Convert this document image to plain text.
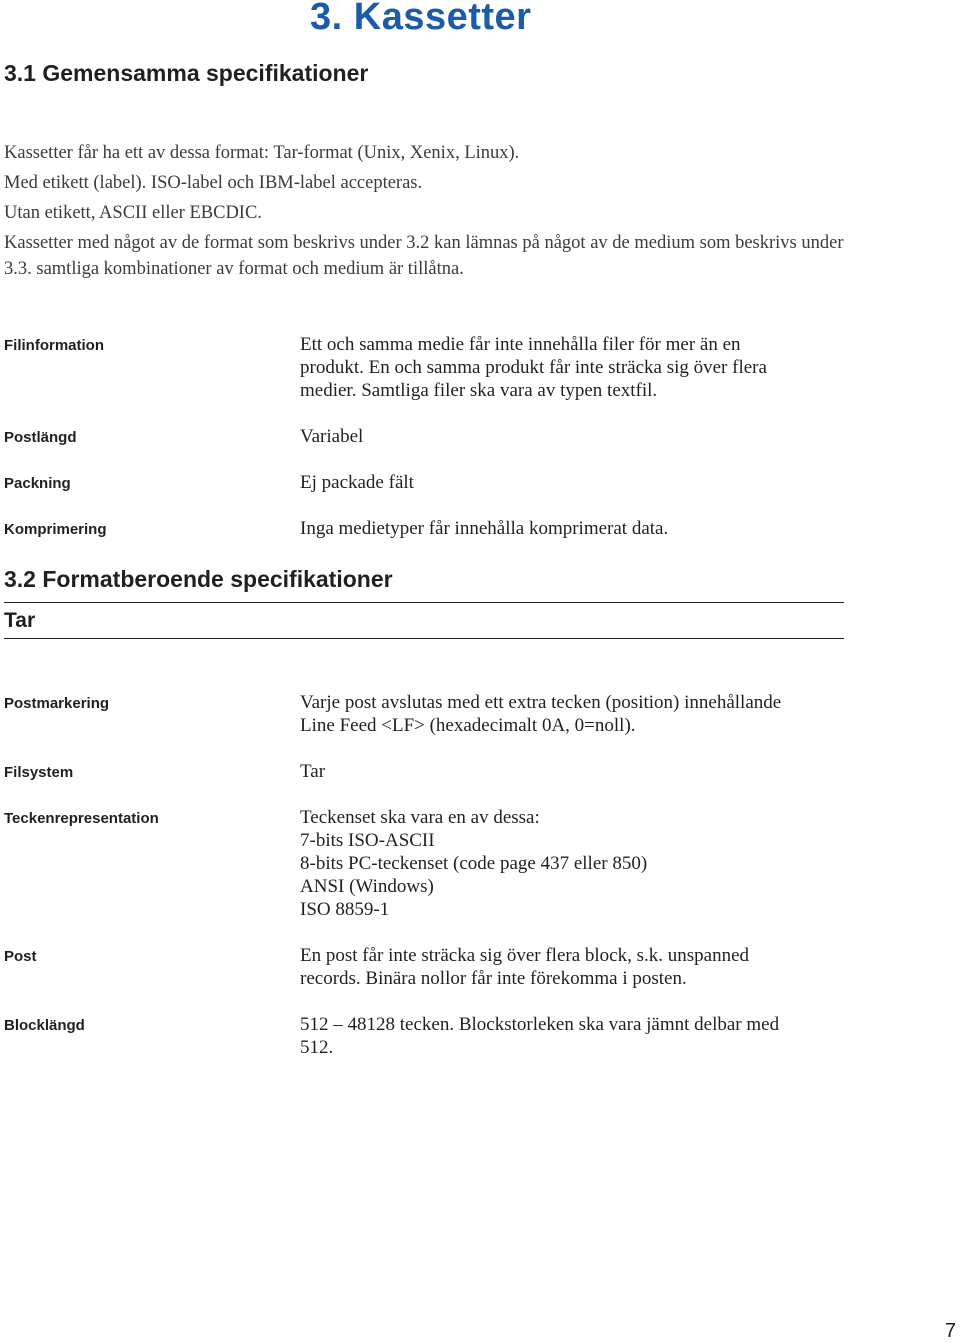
3. Kassetter
3.1 Gemensamma specifikationer

Kassetter får ha ett av dessa format: Tar-format (Unix, Xenix, Linux).

Med etikett (label). ISO-label och IBM-label accepteras.

Utan etikett, ASCII eller EBCDIC.

Kassetter med något av de format som beskrivs under 3.2 kan lämnas på något av de medium som beskrivs under 3.3. samtliga kombinationer av format och medium är tillåtna.

Filinformation	Ett och samma medie får inte innehålla filer för mer än en
produkt. En och samma produkt får inte sträcka sig över flera
medier. Samtliga filer ska vara av typen textfil.
Postlängd	Variabel
Packning	Ej packade fält
Komprimering	Inga medietyper får innehålla komprimerat data.
3.2 Formatberoende specifikationer
Tar
Postmarkering	Varje post avslutas med ett extra tecken (position) innehållande
Line Feed <LF> (hexadecimalt 0A, 0=noll).
Filsystem	Tar
Teckenrepresentation	Teckenset ska vara en av dessa:
7-bits ISO-ASCII
8-bits PC-teckenset (code page 437 eller 850)
ANSI (Windows)
ISO 8859-1
Post	En post får inte sträcka sig över flera block, s.k. unspanned
records. Binära nollor får inte förekomma i posten.
Blocklängd	512 – 48128 tecken. Blockstorleken ska vara jämnt delbar med
512.
7
